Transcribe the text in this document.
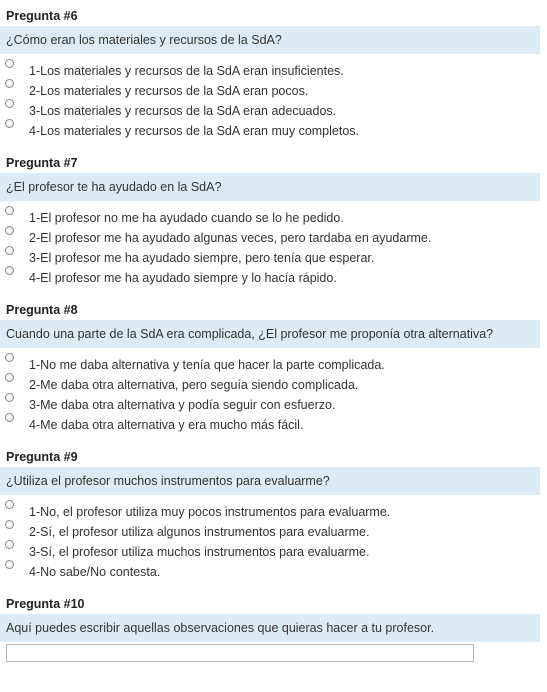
Pregunta #6
¿Cómo eran los materiales y recursos de la SdA?
1-Los materiales y recursos de la SdA eran insuficientes.
2-Los materiales y recursos de la SdA eran pocos.
3-Los materiales y recursos de la SdA eran adecuados.
4-Los materiales y recursos de la SdA eran muy completos.
Pregunta #7
¿El profesor te ha ayudado en la SdA?
1-El profesor no me ha ayudado cuando se lo he pedido.
2-El profesor me ha ayudado algunas veces, pero tardaba en ayudarme.
3-El profesor me ha ayudado siempre, pero tenía que esperar.
4-El profesor me ha ayudado siempre y lo hacía rápido.
Pregunta #8
Cuando una parte de la SdA era complicada, ¿El profesor me proponía otra alternativa?
1-No me daba alternativa y tenía que hacer la parte complicada.
2-Me daba otra alternativa, pero seguía siendo complicada.
3-Me daba otra alternativa y podía seguir con esfuerzo.
4-Me daba otra alternativa y era mucho más fácil.
Pregunta #9
¿Utiliza el profesor muchos instrumentos para evaluarme?
1-No, el profesor utiliza muy pocos instrumentos para evaluarme.
2-Sí, el profesor utiliza algunos instrumentos para evaluarme.
3-Sí, el profesor utiliza muchos instrumentos para evaluarme.
4-No sabe/No contesta.
Pregunta #10
Aquí puedes escribir aquellas observaciones que quieras hacer a tu profesor.
